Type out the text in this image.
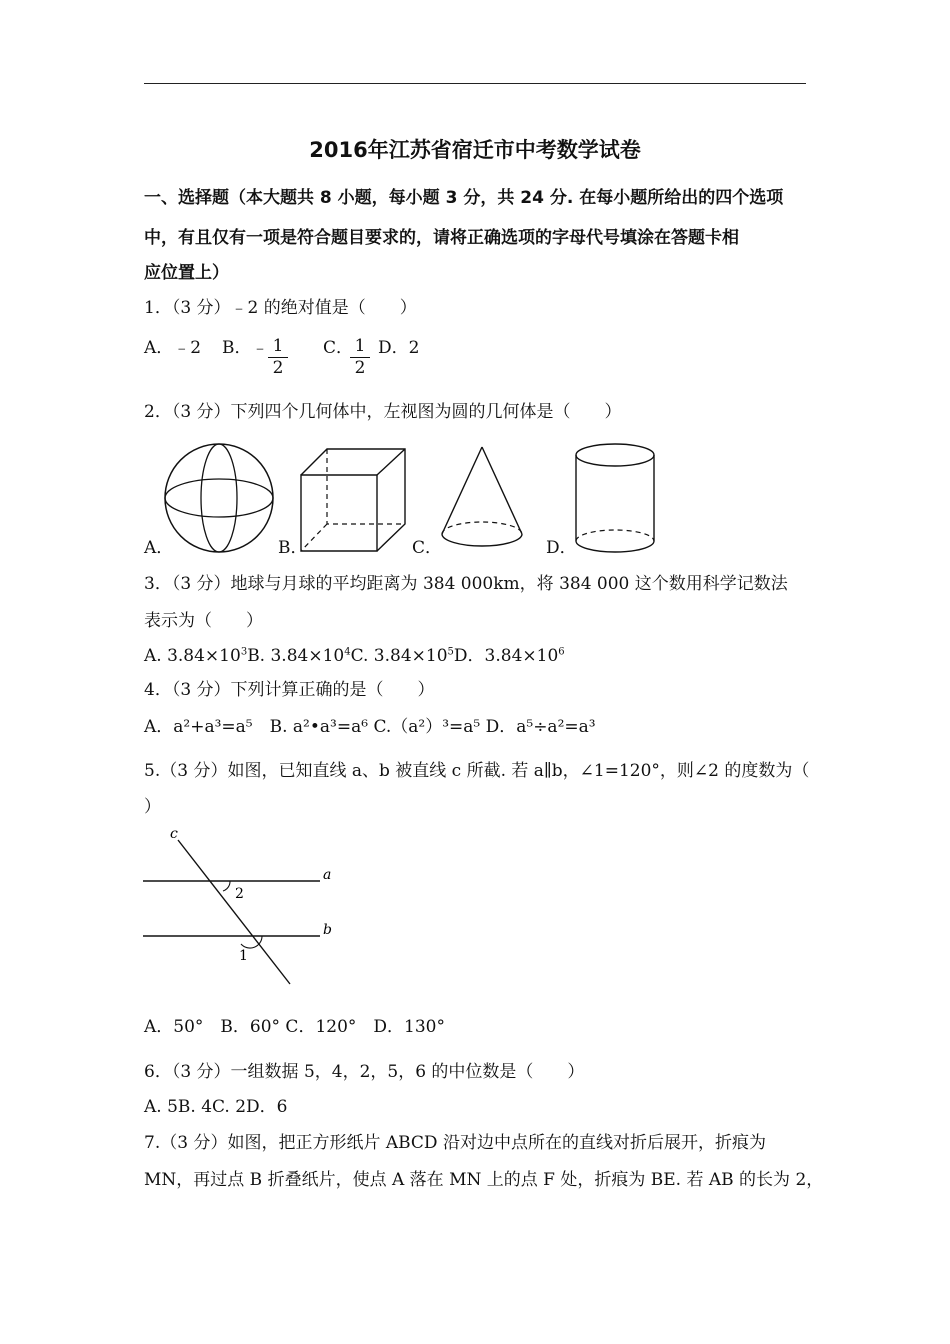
2016年江苏省宿迁市中考数学试卷
一、选择题（本大题共 8 小题，每小题 3 分，共 24 分. 在每小题所给出的四个选项
中，有且仅有一项是符合题目要求的，请将正确选项的字母代号填涂在答题卡相
应位置上）
1．（3 分）﹣2 的绝对值是（　　）
A．﹣2 B．﹣ $\frac{1}{2}$ C．
$\frac{1}{2}$ D．2
2．（3 分）下列四个几何体中，左视图为圆的几何体是（　　）
A．	B．	C．	D．
3．（3 分）地球与月球的平均距离为 384 000km，将 384 000 这个数用科学记数法
表示为（　　）
A. $3.84\times 10^3B$. $3.84\times 10^4C$. $3.84\times 10^5D$．$3.84\times 10^6$
4．（3 分）下列计算正确的是（　　）
A．a²+a³=a⁵　B. a²•a³=a⁶ C.（a²）³=a⁵ D．a⁵÷a²=a³
5.（3 分）如图，已知直线 a、b 被直线 c 所截. 若 a∥b，∠1=120°，则∠2 的度数为（
）
c
a
b
2
1
A．50°　B．60° C．120°　D．130°
6．（3 分）一组数据 5，4，2，5，6 的中位数是（　　）
A. 5B. 4C. 2D．6
7.（3 分）如图，把正方形纸片 ABCD 沿对边中点所在的直线对折后展开，折痕为
MN，再过点 B 折叠纸片，使点 A 落在 MN 上的点 F 处，折痕为 BE. 若 AB 的长为 2，
